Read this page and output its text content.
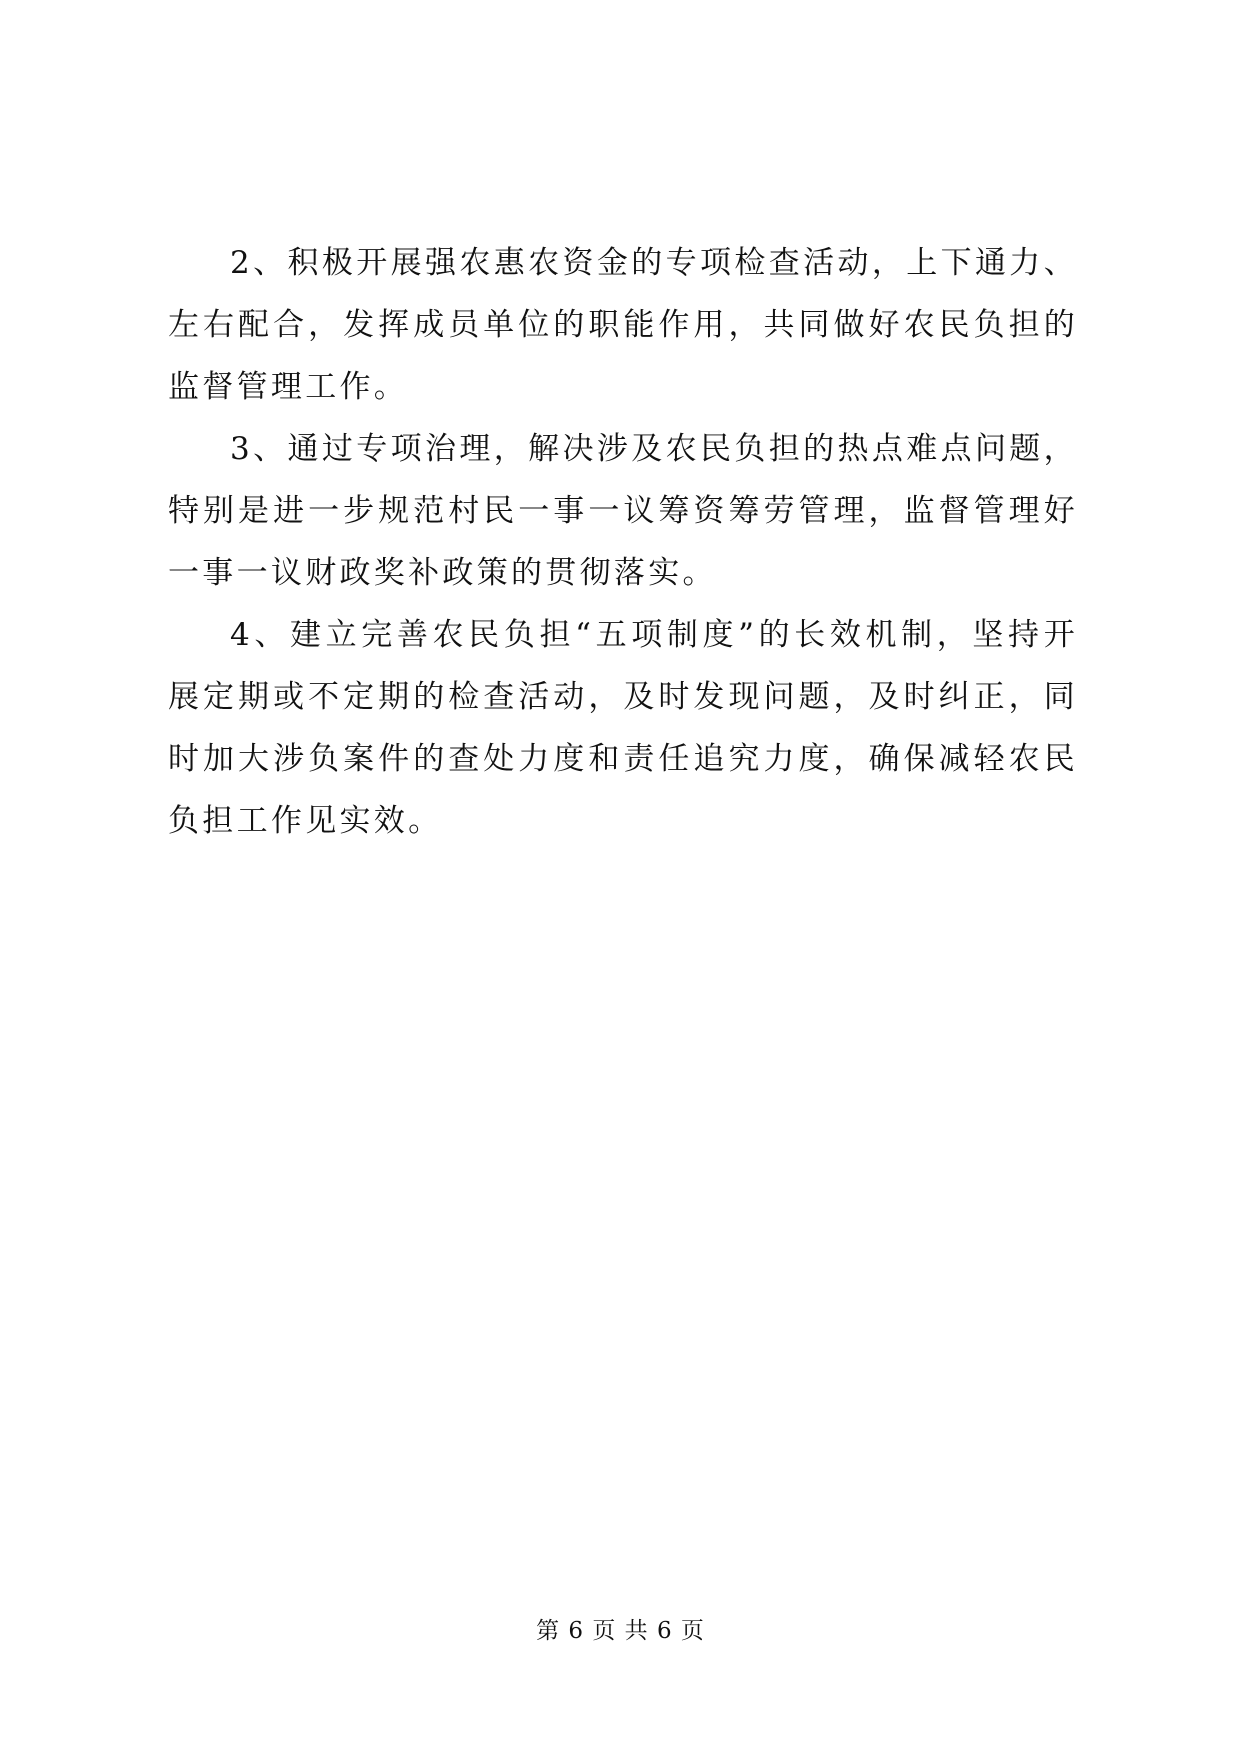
2、积极开展强农惠农资金的专项检查活动，上下通力、左右配合，发挥成员单位的职能作用，共同做好农民负担的监督管理工作。

3、通过专项治理，解决涉及农民负担的热点难点问题，特别是进一步规范村民一事一议筹资筹劳管理，监督管理好一事一议财政奖补政策的贯彻落实。

4、建立完善农民负担“五项制度”的长效机制，坚持开展定期或不定期的检查活动，及时发现问题，及时纠正，同时加大涉负案件的查处力度和责任追究力度，确保减轻农民负担工作见实效。

第 6 页 共 6 页
